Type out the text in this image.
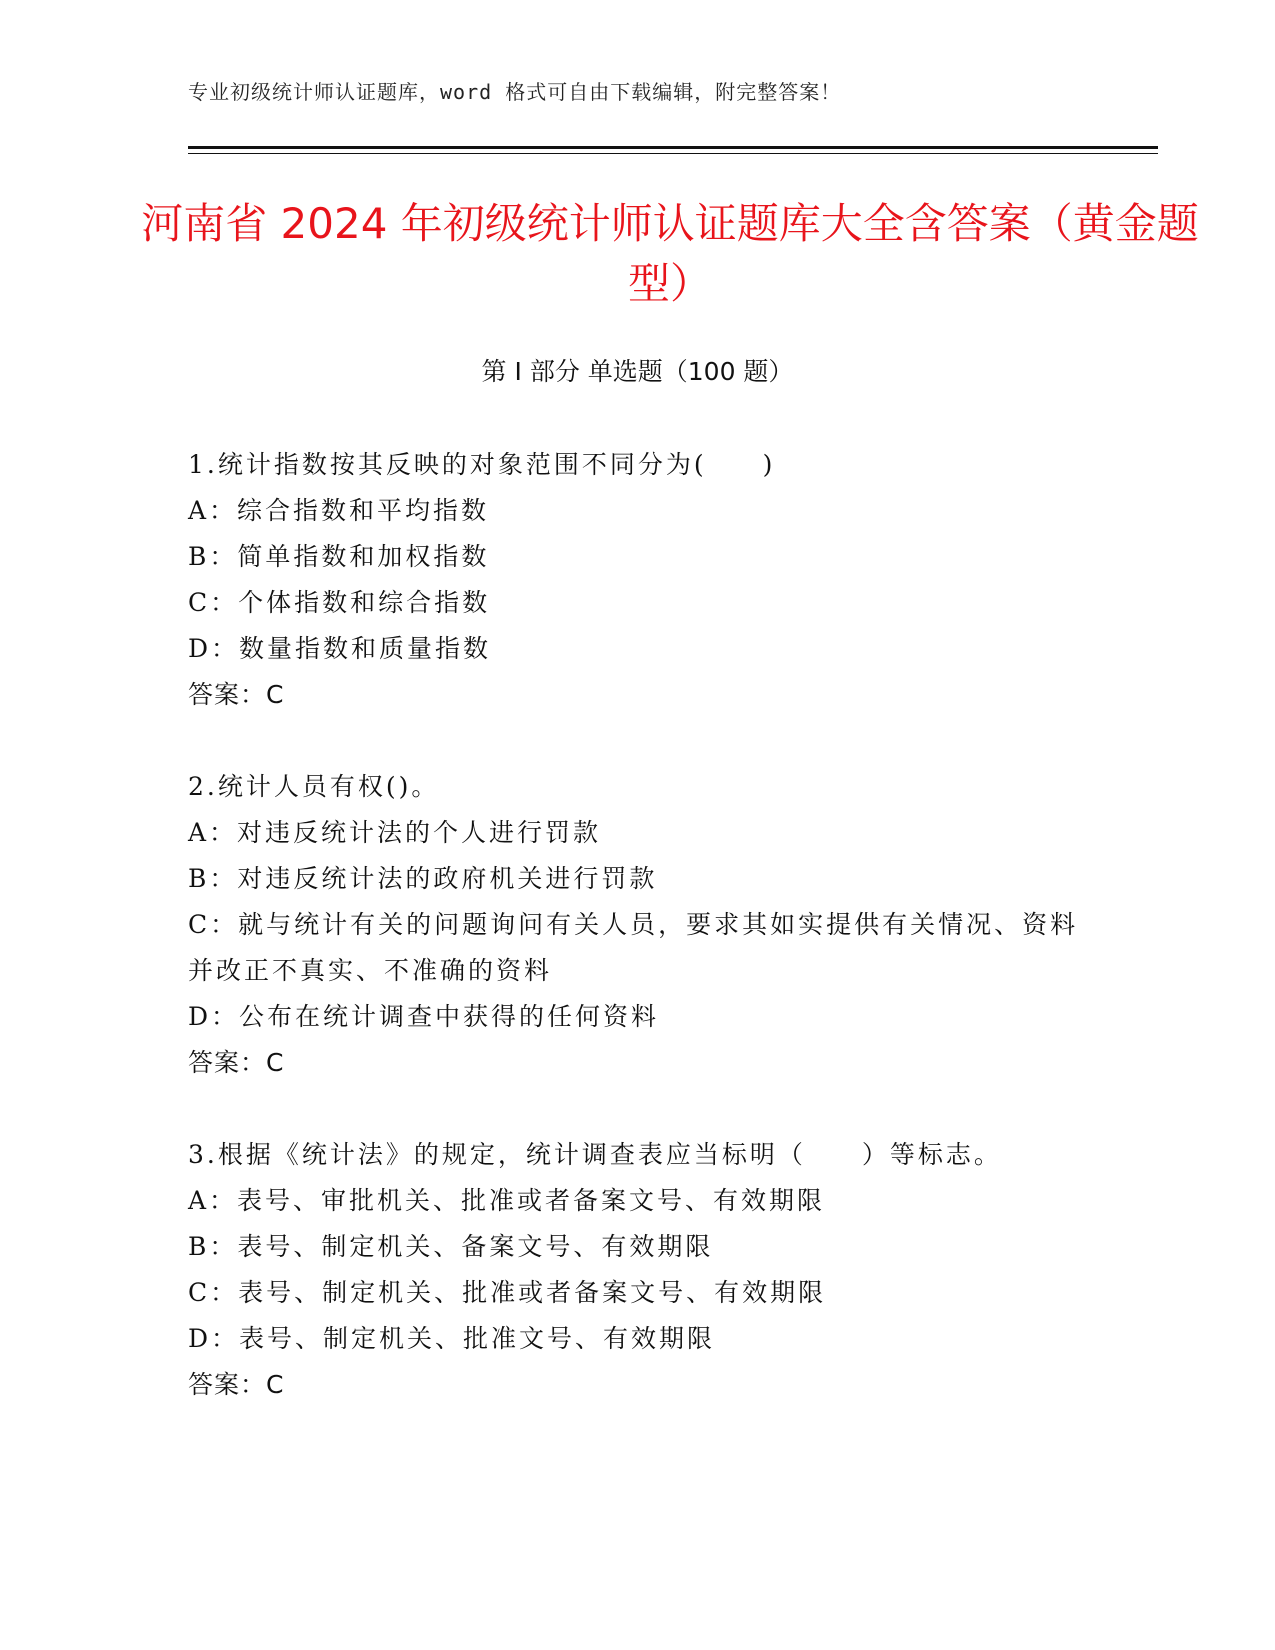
专业初级统计师认证题库，word 格式可自由下载编辑，附完整答案！
河南省 2024 年初级统计师认证题库大全含答案（黄金题型）
第 I 部分 单选题（100 题）
1.统计指数按其反映的对象范围不同分为(　　)
A：综合指数和平均指数
B：简单指数和加权指数
C：个体指数和综合指数
D：数量指数和质量指数
答案：C
2.统计人员有权()。
A：对违反统计法的个人进行罚款
B：对违反统计法的政府机关进行罚款
C：就与统计有关的问题询问有关人员，要求其如实提供有关情况、资料并改正不真实、不准确的资料
D：公布在统计调查中获得的任何资料
答案：C
3.根据《统计法》的规定，统计调查表应当标明（　　）等标志。
A：表号、审批机关、批准或者备案文号、有效期限
B：表号、制定机关、备案文号、有效期限
C：表号、制定机关、批准或者备案文号、有效期限
D：表号、制定机关、批准文号、有效期限
答案：C
